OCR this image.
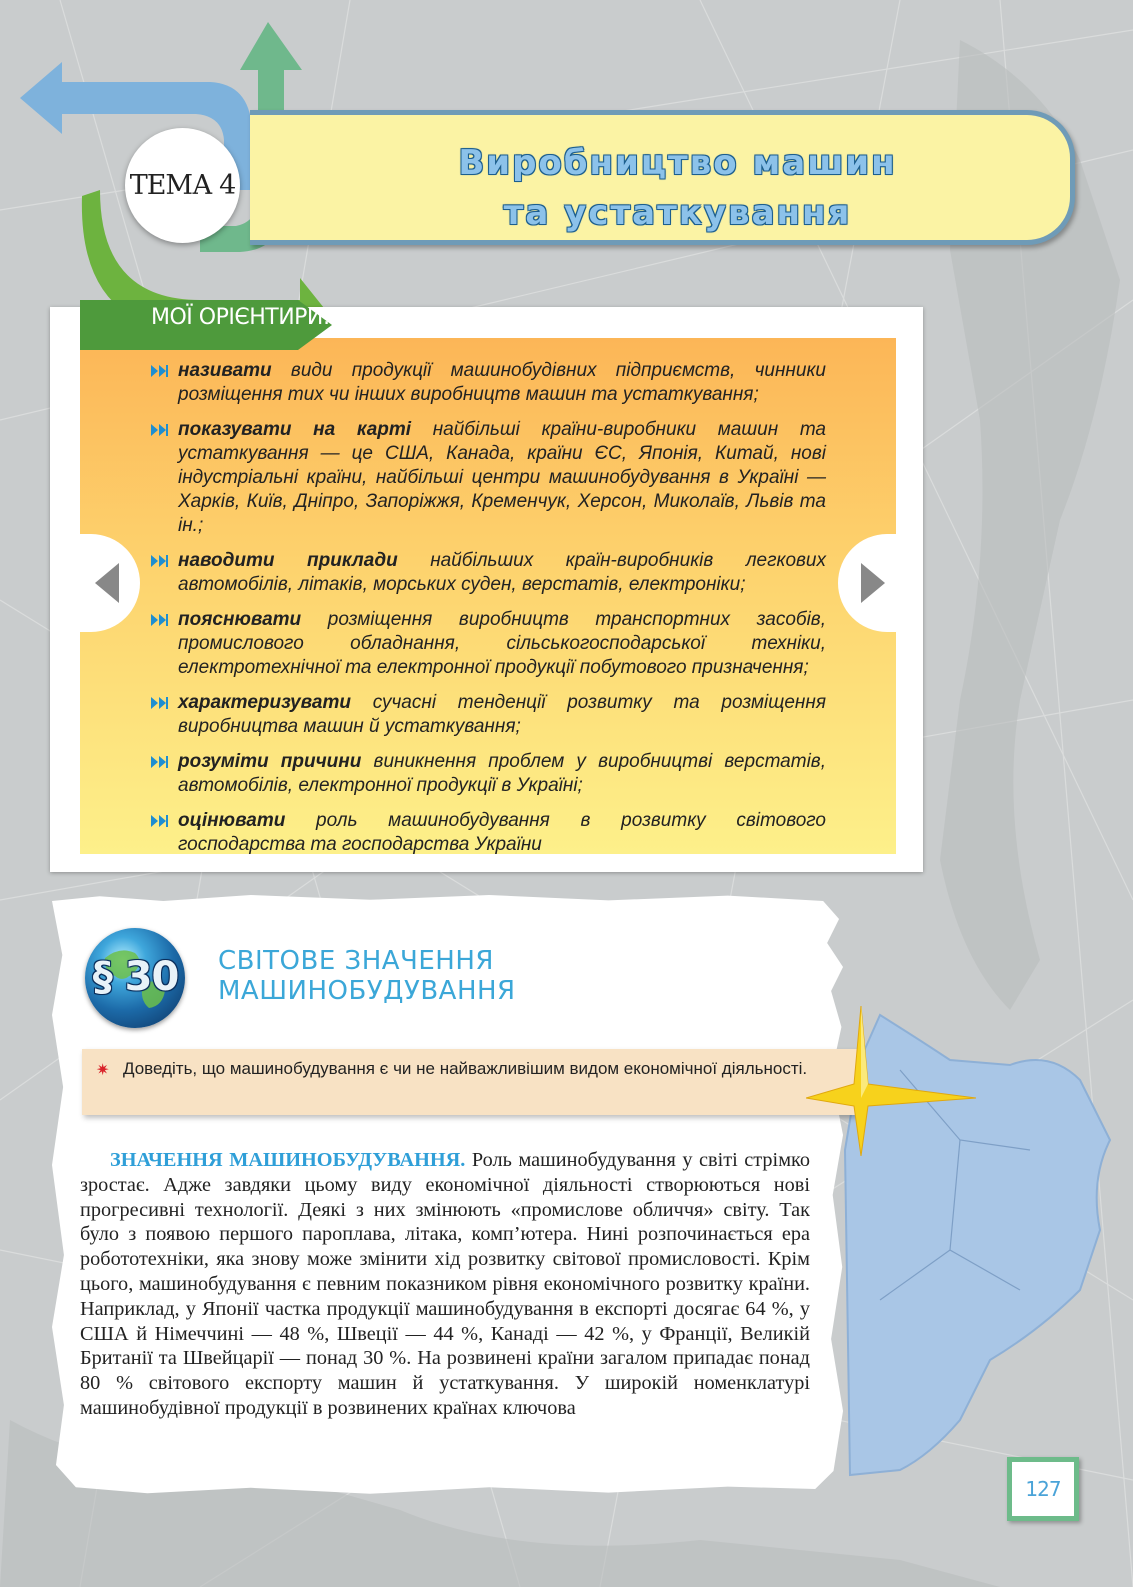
Виробництво машин
та устаткування
ТЕМА 4
МОЇ ОРІЄНТИРИ:
називати види продукції машинобудівних підприємств, чинники розміщення тих чи інших виробництв машин та устаткування;
показувати на карті найбільші країни-виробники машин та устаткування — це США, Канада, країни ЄС, Японія, Китай, нові індустріальні країни, найбільші центри машинобудування в Україні — Харків, Київ, Дніпро, Запоріжжя, Кременчук, Херсон, Миколаїв, Львів та ін.;
наводити приклади найбільших країн-виробників легкових автомобілів, літаків, морських суден, верстатів, електроніки;
пояснювати розміщення виробництв транспортних засобів, промислового обладнання, сільськогосподарської техніки, електротехнічної та електронної продукції побутового призначення;
характеризувати сучасні тенденції розвитку та розміщення виробництва машин й устаткування;
розуміти причини виникнення проблем у виробництві верстатів, автомобілів, електронної продукції в Україні;
оцінювати роль машинобудування в розвитку світового господарства та господарства України
§ 30	СВІТОВЕ ЗНАЧЕННЯ
МАШИНОБУДУВАННЯ
✷ Доведіть, що машинобудування є чи не найважливішим видом економічної діяльності.

ЗНАЧЕННЯ МАШИНОБУДУВАННЯ. Роль машинобудування у світі стрімко зростає. Адже завдяки цьому виду економічної діяльності створюються нові прогресивні технології. Деякі з них змінюють «промислове обличчя» світу. Так було з появою першого пароплава, літака, комп’ютера. Нині розпочинається ера робототехніки, яка знову може змінити хід розвитку світової промисловості. Крім цього, машинобудування є певним показником рівня економічного розвитку країни. Наприклад, у Японії частка продукції машинобудування в експорті досягає 64 %, у США й Німеччині — 48 %, Швеції — 44 %, Канаді — 42 %, у Франції, Великій Британії та Швейцарії — понад 30 %. На розвинені країни загалом припадає понад 80 % світового експорту машин й устаткування. У широкій номенклатурі машинобудівної продукції в розвинених країнах ключова

127
